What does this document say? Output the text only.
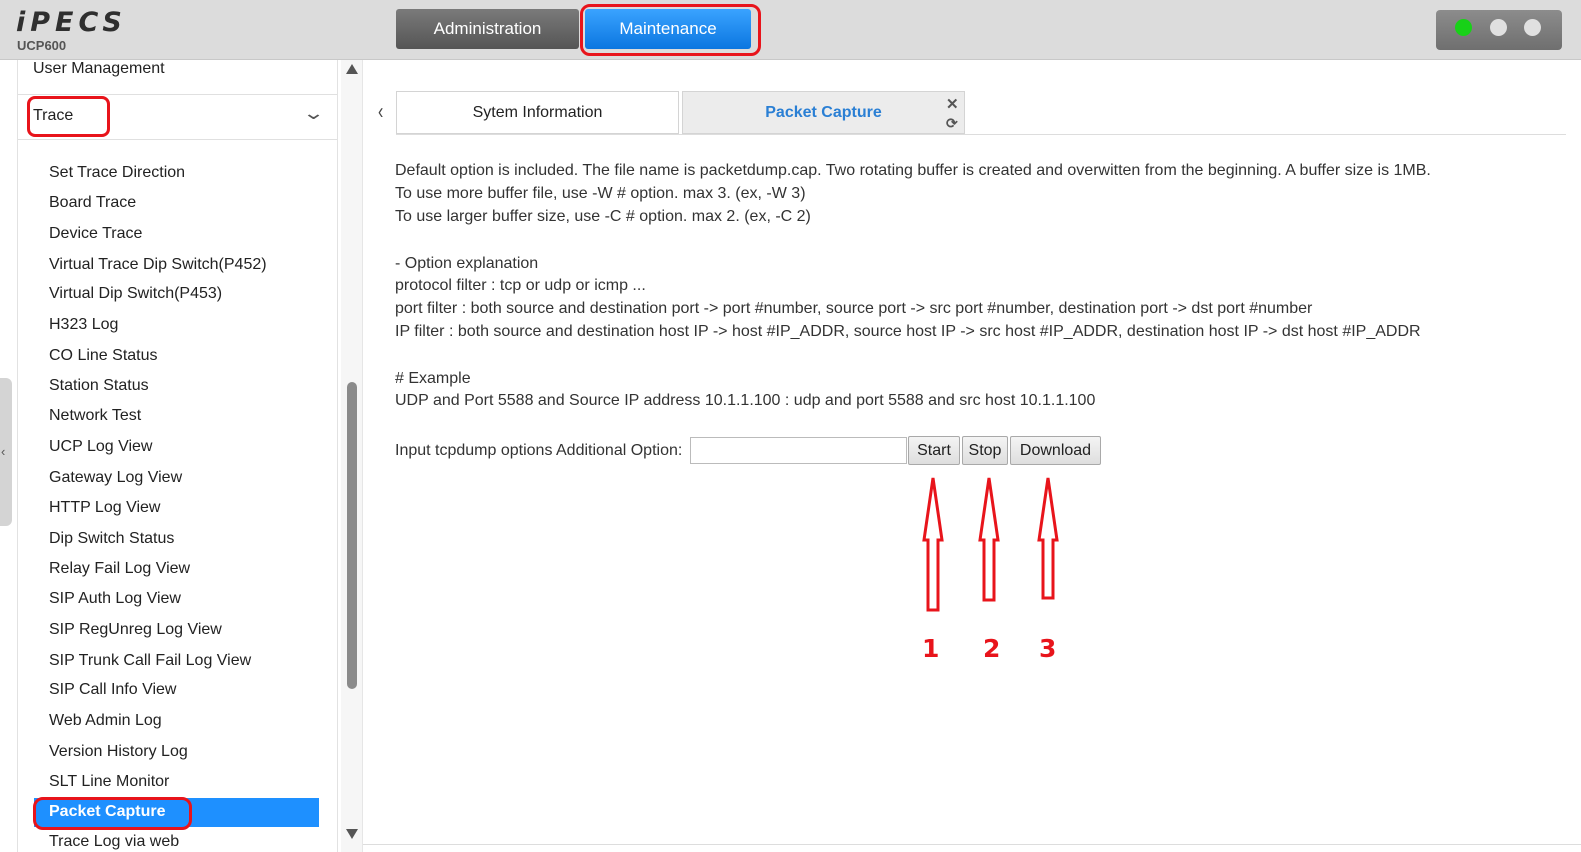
iPECS
UCP600
Administration	Maintenance
‹
User Management
Trace	⌄
Set Trace Direction
Board Trace
Device Trace
Virtual Trace Dip Switch(P452)
Virtual Dip Switch(P453)
H323 Log
CO Line Status
Station Status
Network Test
UCP Log View
Gateway Log View
HTTP Log View
Dip Switch Status
Relay Fail Log View
SIP Auth Log View
SIP RegUnreg Log View
SIP Trunk Call Fail Log View
SIP Call Info View
Web Admin Log
Version History Log
SLT Line Monitor
Packet Capture
Trace Log via web
‹	Sytem Information	Packet Capture	✕
⟳
Default option is included. The file name is packetdump.cap. Two rotating buffer is created and overwitten from the beginning. A buffer size is 1MB.
To use more buffer file, use -W # option. max 3. (ex, -W 3)
To use larger buffer size, use -C # option. max 2. (ex, -C 2)
- Option explanation
protocol filter : tcp or udp or icmp ...
port filter : both source and destination port -> port #number, source port -> src port #number, destination port -> dst port #number
IP filter : both source and destination host IP -> host #IP_ADDR, source host IP -> src host #IP_ADDR, destination host IP -> dst host #IP_ADDR
# Example
UDP and Port 5588 and Source IP address 10.1.1.100 : udp and port 5588 and src host 10.1.1.100
Input tcpdump options Additional Option:	Start	Stop	Download
1 2 3
